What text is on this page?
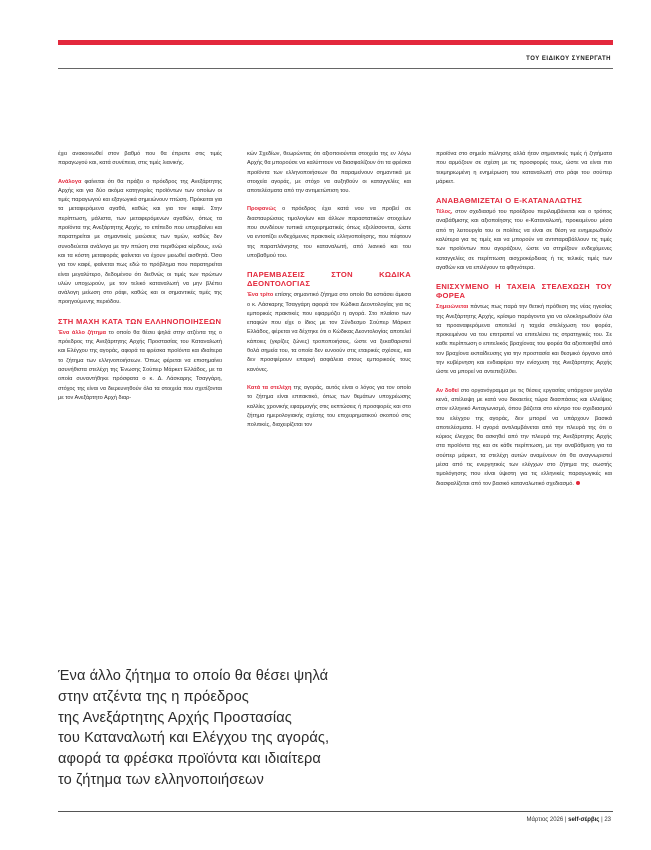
ΤΟΥ ΕΙΔΙΚΟΥ ΣΥΝΕΡΓΑΤΗ

έχει ανακοινωθεί στον βαθμό που θα έπρεπε στις τιμές παραγωγού και, κατά συνέπεια, στις τιμές λιανικής.

Ανάλογα φαίνεται ότι θα πράξει ο πρόεδρος της Ανεξάρτητης Αρχής και για δύο ακόμα κατηγορίες προϊόντων των οποίων οι τιμές παραγωγού και εξαγωγικά σημειώνουν πτώση. Πρόκειται για τα μεταφερόμενα αγαθά, καθώς και για τον καφέ. Στην περίπτωση, μάλιστα, των μεταφερόμενων αγαθών, όπως τα προϊόντα της Ανεξάρτητης Αρχής, το επίπεδο που υπερβαίνει και παρατηρείται με σημαντικές μειώσεις των τιμών, καθώς δεν συνοδεύεται ανάλογα με την πτώση στα περιθώρια κέρδους, ενώ και τα κόστη μεταφοράς φαίνεται να έχουν μειωθεί αισθητά. Όσο για τον καφέ, φαίνεται πως εδώ το πρόβλημα που παρατηρείται είναι μεγαλύτερο, δεδομένου ότι διεθνώς οι τιμές των πρώτων υλών υποχωρούν, με τον τελικό καταναλωτή να μην βλέπει ανάλογη μείωση στο ράφι, καθώς και οι σημαντικές τιμές της προηγούμενης περιόδου.

ΣΤΗ ΜΑΧΗ ΚΑΤΑ ΤΩΝ ΕΛΛΗΝΟΠΟΙΗΣΕΩΝ

Ένα άλλο ζήτημα το οποίο θα θέσει ψηλά στην ατζέντα της ο πρόεδρος της Ανεξάρτητης Αρχής Προστασίας του Καταναλωτή και Ελέγχου της αγοράς, αφορά τα φρέσκα προϊόντα και ιδιαίτερα το ζήτημα των ελληνοποιήσεων. Όπως φέρεται να επισημαίνει ασυνήθιστα στελέχη της Ένωσης Σούπερ Μάρκετ Ελλάδος, με τα οποία συναντήθηκε πρόσφατα ο κ. Δ. Λάσκαρης Τσαγγάρη, στόχος της είναι να διερευνηθούν όλα τα στοιχεία που σχετίζονται με τον Ανεξάρτητο Αρχή διαρ-

κών Σχεδίων, θεωρώντας ότι αξιοποιούνται στοιχεία της εν λόγω Αρχής θα μπορούσε να καλύπτουν να διασφαλίζουν ότι τα φρέσκα προϊόντα των ελληνοποιήσεων θα παραμείνουν σημαντικά με στοιχεία αγοράς, με στόχο να αυξηθούν οι καταγγελίες και αποτελέσματα από την αντιμετώπιση του.

Προφανώς ο πρόεδρος έχει κατά νου να προβεί σε διασταυρώσεις τιμολογίων και άλλων παραστατικών στοιχείων που συνδέουν τυπικά επιχειρηματικές όπως εξελίσσονται, ώστε να εντοπίζει ενδεχόμενες πρακτικές ελληνοποίησης, που πέφτουν της παραπλάνησης του καταναλωτή, από λιανικό και του υποβαθμού του.

ΠΑΡΕΜΒΑΣΕΙΣ ΣΤΟΝ ΚΩΔΙΚΑ ΔΕΟΝΤΟΛΟΓΙΑΣ

Ένα τρίτο επίσης σημαντικό ζήτημα στο οποίο θα εστιάσει άμεσα ο κ. Λάσκαρης Τσαγγάρη αφορά τον Κώδικα Δεοντολογίας για τις εμπορικές πρακτικές που εφαρμόζει η αγορά. Στο πλαίσιο των επαφών που είχε ο ίδιος με τον Σύνδεσμο Σούπερ Μάρκετ Ελλάδος, φέρεται να δέχτηκε ότι ο Κώδικας Δεοντολογίας αποτελεί κάποιες (γκρίζες ζώνες) τροποποιήσεις, ώστε να ξεκαθαριστεί θολά σημεία του, τα οποία δεν ευνοούν στις εταιρικές σχέσεις, και δεν προσφέρουν επαρκή ασφάλεια στους εμπορικούς τους κανόνες.

Κατά τα στελέχη της αγοράς, αυτός είναι ο λόγος για τον οποίο το ζήτημα είναι επιτακτικό, όπως των θεμάτων υποχρέωσης καλλίες χρονικής εφαρμογής στις εκπτώσεις ή προσφορές και στο ζήτημα ημερολογιακής σχέσης του επιχειρηματικού σκοπού στις πολιτικές, διαχειρίζεται τον

προϊόνα στο σημείο πώλησης αλλά ήταν σημαντικές τιμές ή ζητήματα που αρμόζουν σε σχέση με τις προσφορές τους, ώστε να είναι πιο τεκμηριωμένη η ενημέρωση του καταναλωτή στο ράφι του σούπερ μάρκετ.

ΑΝΑΒΑΘΜΙΖΕΤΑΙ Ο Ε-ΚΑΤΑΝΑΛΩΤΗΣ

Τέλος, στον σχεδιασμό του προέδρου περιλαμβάνεται και ο τρόπος αναβάθμισης και αξιοποίησης του e-Καταναλωτή, προκειμένου μέσα από τη λειτουργία του οι πολίτες να είναι σε θέση να ενημερωθούν καλύτερα για τις τιμές και να μπορούν να αντιπαραβάλλουν τις τιμές των προϊόντων που αγοράζουν, ώστε να στηρίζουν ενδεχόμενες καταγγελίες σε περίπτωση αισχροκέρδειας ή τις τελικές τιμές των αγαθών και να επιλέγουν τα φθηνότερα.

ΕΝΙΣΧΥΜΕΝΟ Η ΤΑΧΕΙΑ ΣΤΕΛΕΧΩΣΗ ΤΟΥ ΦΟΡΕΑ

Σημειώνεται πάντως πως παρά την θετική πρόθεση της νέας ηγεσίας της Ανεξάρτητης Αρχής, κρίσιμο παράγοντα για να ολοκληρωθούν όλα τα προαναφερόμενα αποτελεί η ταχεία στελέχωση του φορέα, προκειμένου να του επιτραπεί να επιτελέσει τις στρατηγικές του. Σε καθε περίπτωση ο επιτελικός βραχίονας του φορέα θα αξιοποιηθεί από τον βραχίονα εκπαίδευσης για την προστασία και θεσμικό όργανο από την κυβέρνηση και ενδιαφέρει την ενίσχυση της Ανεξάρτητης Αρχής ώστε να μπορεί να αντεπεξέλθει.

Αν δοθεί στο οργανόγραμμα με τις θέσεις εργασίας υπάρχουν μεγάλα κενά, απέλειψη με κατά νου δεκαετίες τώρα διασπάσεις και ελλείψεις στον ελληνικό Ανταγωνισμό, όπου βάζεται στο κέντρο του σχεδιασμού του ελέγχου της αγοράς, δεν μπορεί να υπάρχουν βασικά αποτελέσματα. Η αγορά αντιλαμβάνεται από την πλευρά της ότι ο κύριος έλεγχος θα ασκηθεί από την πλευρά της Ανεξάρτητης Αρχής στα προϊόντα της και σε κάθε περίπτωση, με την αναβάθμιση για τα σούπερ μάρκετ, τα στελέχη αυτών αναμένουν ότι θα αναγνωριστεί μέσα από τις ενεργητικές των ελέγχων στο ζήτημα της σωστής τιμολόγησης που είναι ύψιστη για τις ελληνικές παραγωγικές και διασφαλίζεται από τον βασικό καταναλωτικό σχεδιασμό.

Ένα άλλο ζήτημα το οποίο θα θέσει ψηλά
στην ατζέντα της η πρόεδρος
της Ανεξάρτητης Αρχής Προστασίας
του Καταναλωτή και Ελέγχου της αγοράς,
αφορά τα φρέσκα προϊόντα και ιδιαίτερα
το ζήτημα των ελληνοποιήσεων
Μάρτιος 2026 | self-σέρβις | 23
